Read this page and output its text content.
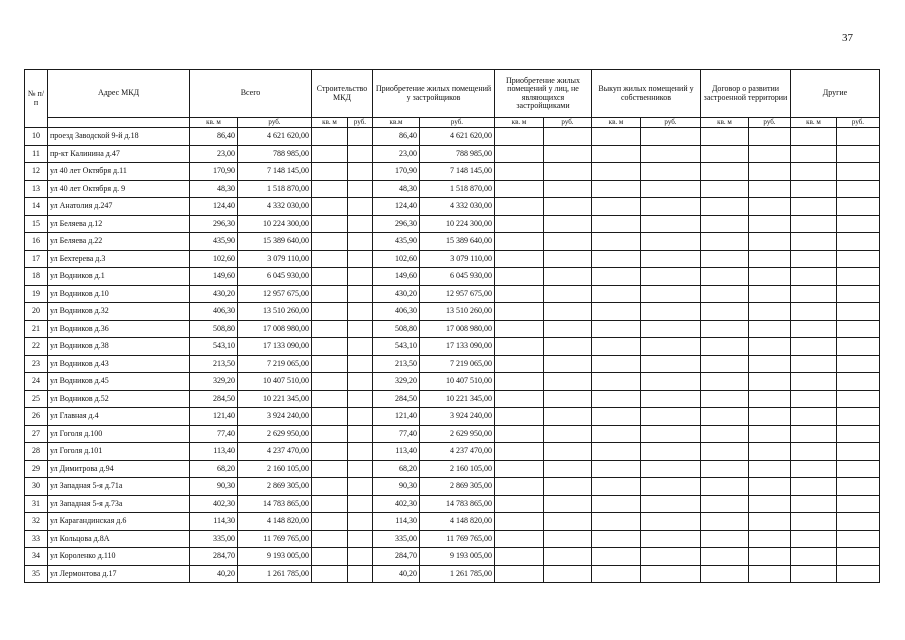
37
№ п/п	Адрес МКД	Всего		Строительство МКД		Приобретение жилых помещений у застройщиков		Приобретение жилых помещений у лиц, не являющихся застройщиками		Выкуп жилых помещений у собственников		Договор о развитии застроенной территории		Другие	
		кв. м	руб.	кв. м	руб.	кв.м	руб.	кв. м	руб.	кв. м	руб.	кв. м	руб.	кв. м	руб.
10	проезд Заводской 9-й д.18	86,40	4 621 620,00			86,40	4 621 620,00								
11	пр-кт Калинина д.47	23,00	788 985,00			23,00	788 985,00								
12	ул 40 лет Октября д.11	170,90	7 148 145,00			170,90	7 148 145,00								
13	ул 40 лет Октября д. 9	48,30	1 518 870,00			48,30	1 518 870,00								
14	ул Анатолия д.247	124,40	4 332 030,00			124,40	4 332 030,00								
15	ул Беляева д.12	296,30	10 224 300,00			296,30	10 224 300,00								
16	ул Беляева д.22	435,90	15 389 640,00			435,90	15 389 640,00								
17	ул Бехтерева д.3	102,60	3 079 110,00			102,60	3 079 110,00								
18	ул Водников д.1	149,60	6 045 930,00			149,60	6 045 930,00								
19	ул Водников д.10	430,20	12 957 675,00			430,20	12 957 675,00								
20	ул Водников д.32	406,30	13 510 260,00			406,30	13 510 260,00								
21	ул Водников д.36	508,80	17 008 980,00			508,80	17 008 980,00								
22	ул Водников д.38	543,10	17 133 090,00			543,10	17 133 090,00								
23	ул Водников д.43	213,50	7 219 065,00			213,50	7 219 065,00								
24	ул Водников д.45	329,20	10 407 510,00			329,20	10 407 510,00								
25	ул Водников д.52	284,50	10 221 345,00			284,50	10 221 345,00								
26	ул Главная д.4	121,40	3 924 240,00			121,40	3 924 240,00								
27	ул Гоголя д.100	77,40	2 629 950,00			77,40	2 629 950,00								
28	ул Гоголя д.101	113,40	4 237 470,00			113,40	4 237 470,00								
29	ул Димитрова д.94	68,20	2 160 105,00			68,20	2 160 105,00								
30	ул Западная 5-я д.71а	90,30	2 869 305,00			90,30	2 869 305,00								
31	ул Западная 5-я д.73а	402,30	14 783 865,00			402,30	14 783 865,00								
32	ул Карагандинская д.6	114,30	4 148 820,00			114,30	4 148 820,00								
33	ул Кольцова д.8А	335,00	11 769 765,00			335,00	11 769 765,00								
34	ул Короленко д.110	284,70	9 193 005,00			284,70	9 193 005,00								
35	ул Лермонтова д.17	40,20	1 261 785,00			40,20	1 261 785,00								
